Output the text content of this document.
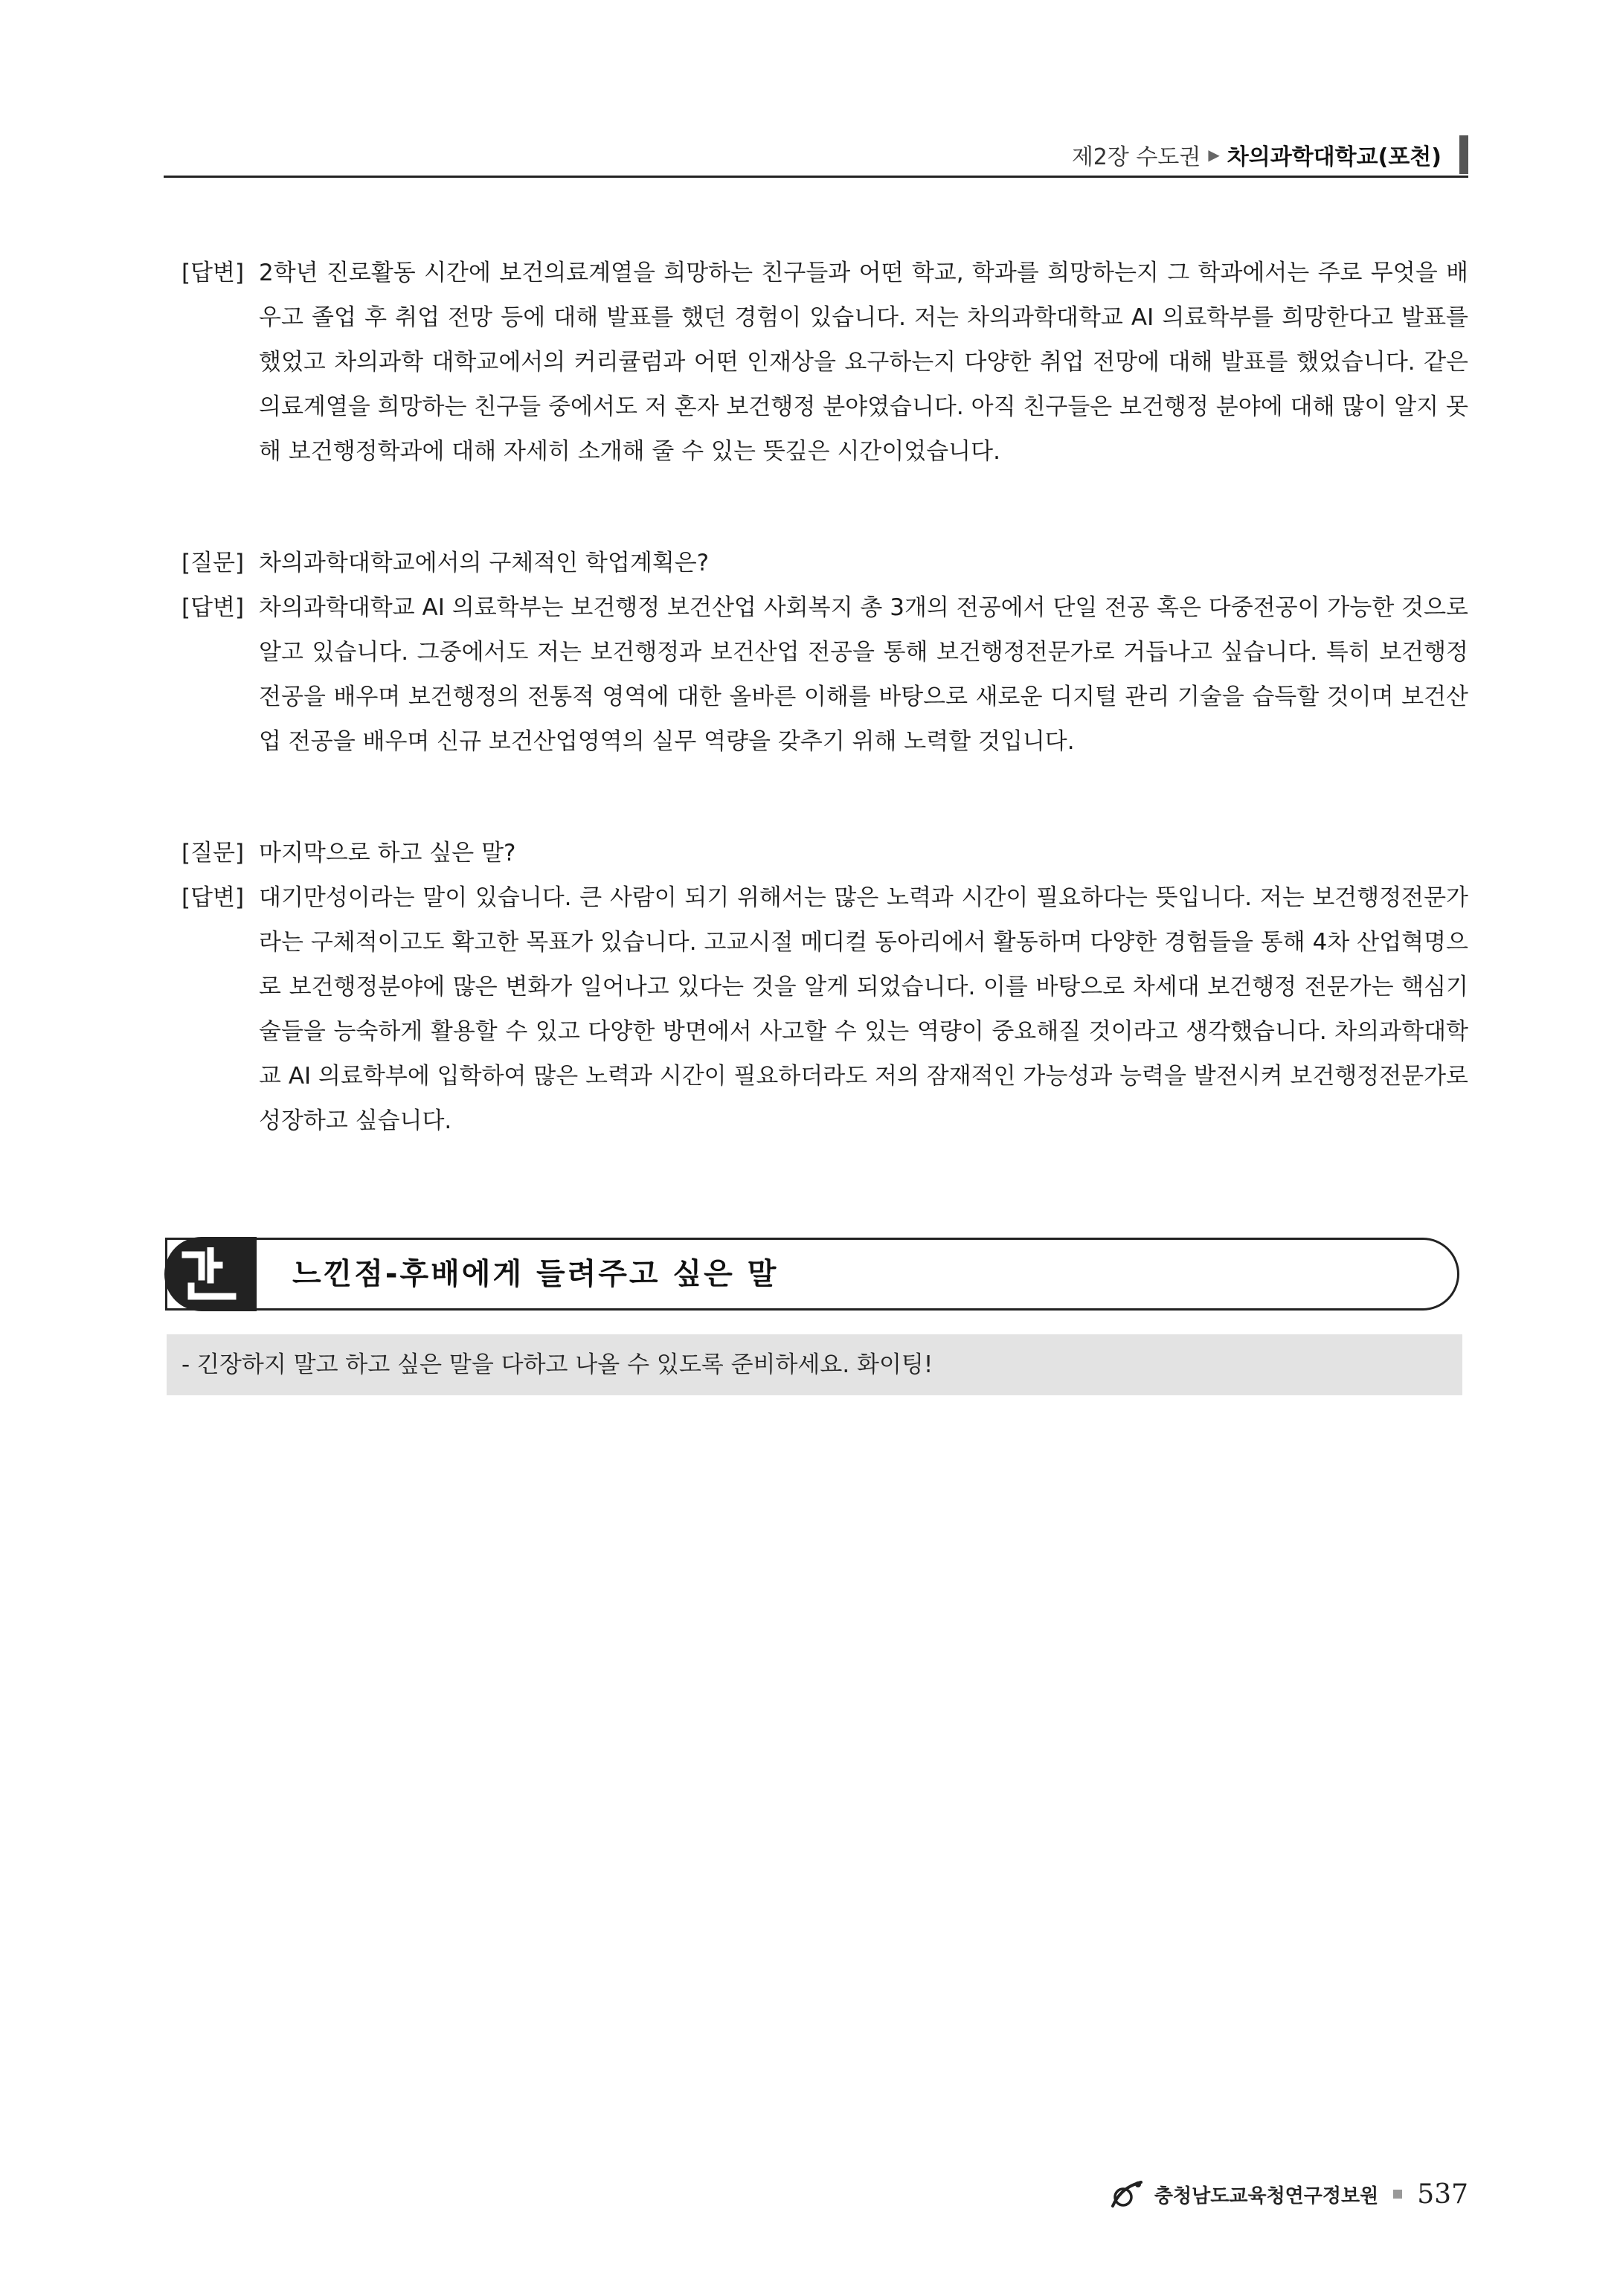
제2장 수도권 ▶ 차의과학대학교(포천)
[답변] 2학년 진로활동 시간에 보건의료계열을 희망하는 친구들과 어떤 학교, 학과를 희망하는지 그 학과에서는 주로 무엇을 배우고 졸업 후 취업 전망 등에 대해 발표를 했던 경험이 있습니다. 저는 차의과학대학교 AI 의료학부를 희망한다고 발표를 했었고 차의과학 대학교에서의 커리큘럼과 어떤 인재상을 요구하는지 다양한 취업 전망에 대해 발표를 했었습니다. 같은 의료계열을 희망하는 친구들 중에서도 저 혼자 보건행정 분야였습니다. 아직 친구들은 보건행정 분야에 대해 많이 알지 못해 보건행정학과에 대해 자세히 소개해 줄 수 있는 뜻깊은 시간이었습니다.
[질문] 차의과학대학교에서의 구체적인 학업계획은?
[답변] 차의과학대학교 AI 의료학부는 보건행정 보건산업 사회복지 총 3개의 전공에서 단일 전공 혹은 다중전공이 가능한 것으로 알고 있습니다. 그중에서도 저는 보건행정과 보건산업 전공을 통해 보건행정전문가로 거듭나고 싶습니다. 특히 보건행정 전공을 배우며 보건행정의 전통적 영역에 대한 올바른 이해를 바탕으로 새로운 디지털 관리 기술을 습득할 것이며 보건산업 전공을 배우며 신규 보건산업영역의 실무 역량을 갖추기 위해 노력할 것입니다.
[질문] 마지막으로 하고 싶은 말?
[답변] 대기만성이라는 말이 있습니다. 큰 사람이 되기 위해서는 많은 노력과 시간이 필요하다는 뜻입니다. 저는 보건행정전문가라는 구체적이고도 확고한 목표가 있습니다. 고교시절 메디컬 동아리에서 활동하며 다양한 경험들을 통해 4차 산업혁명으로 보건행정분야에 많은 변화가 일어나고 있다는 것을 알게 되었습니다. 이를 바탕으로 차세대 보건행정 전문가는 핵심기술들을 능숙하게 활용할 수 있고 다양한 방면에서 사고할 수 있는 역량이 중요해질 것이라고 생각했습니다. 차의과학대학교 AI 의료학부에 입학하여 많은 노력과 시간이 필요하더라도 저의 잠재적인 가능성과 능력을 발전시켜 보건행정전문가로 성장하고 싶습니다.
느낀점-후배에게 들려주고 싶은 말
- 긴장하지 말고 하고 싶은 말을 다하고 나올 수 있도록 준비하세요. 화이팅!
충청남도교육청연구정보원 537
